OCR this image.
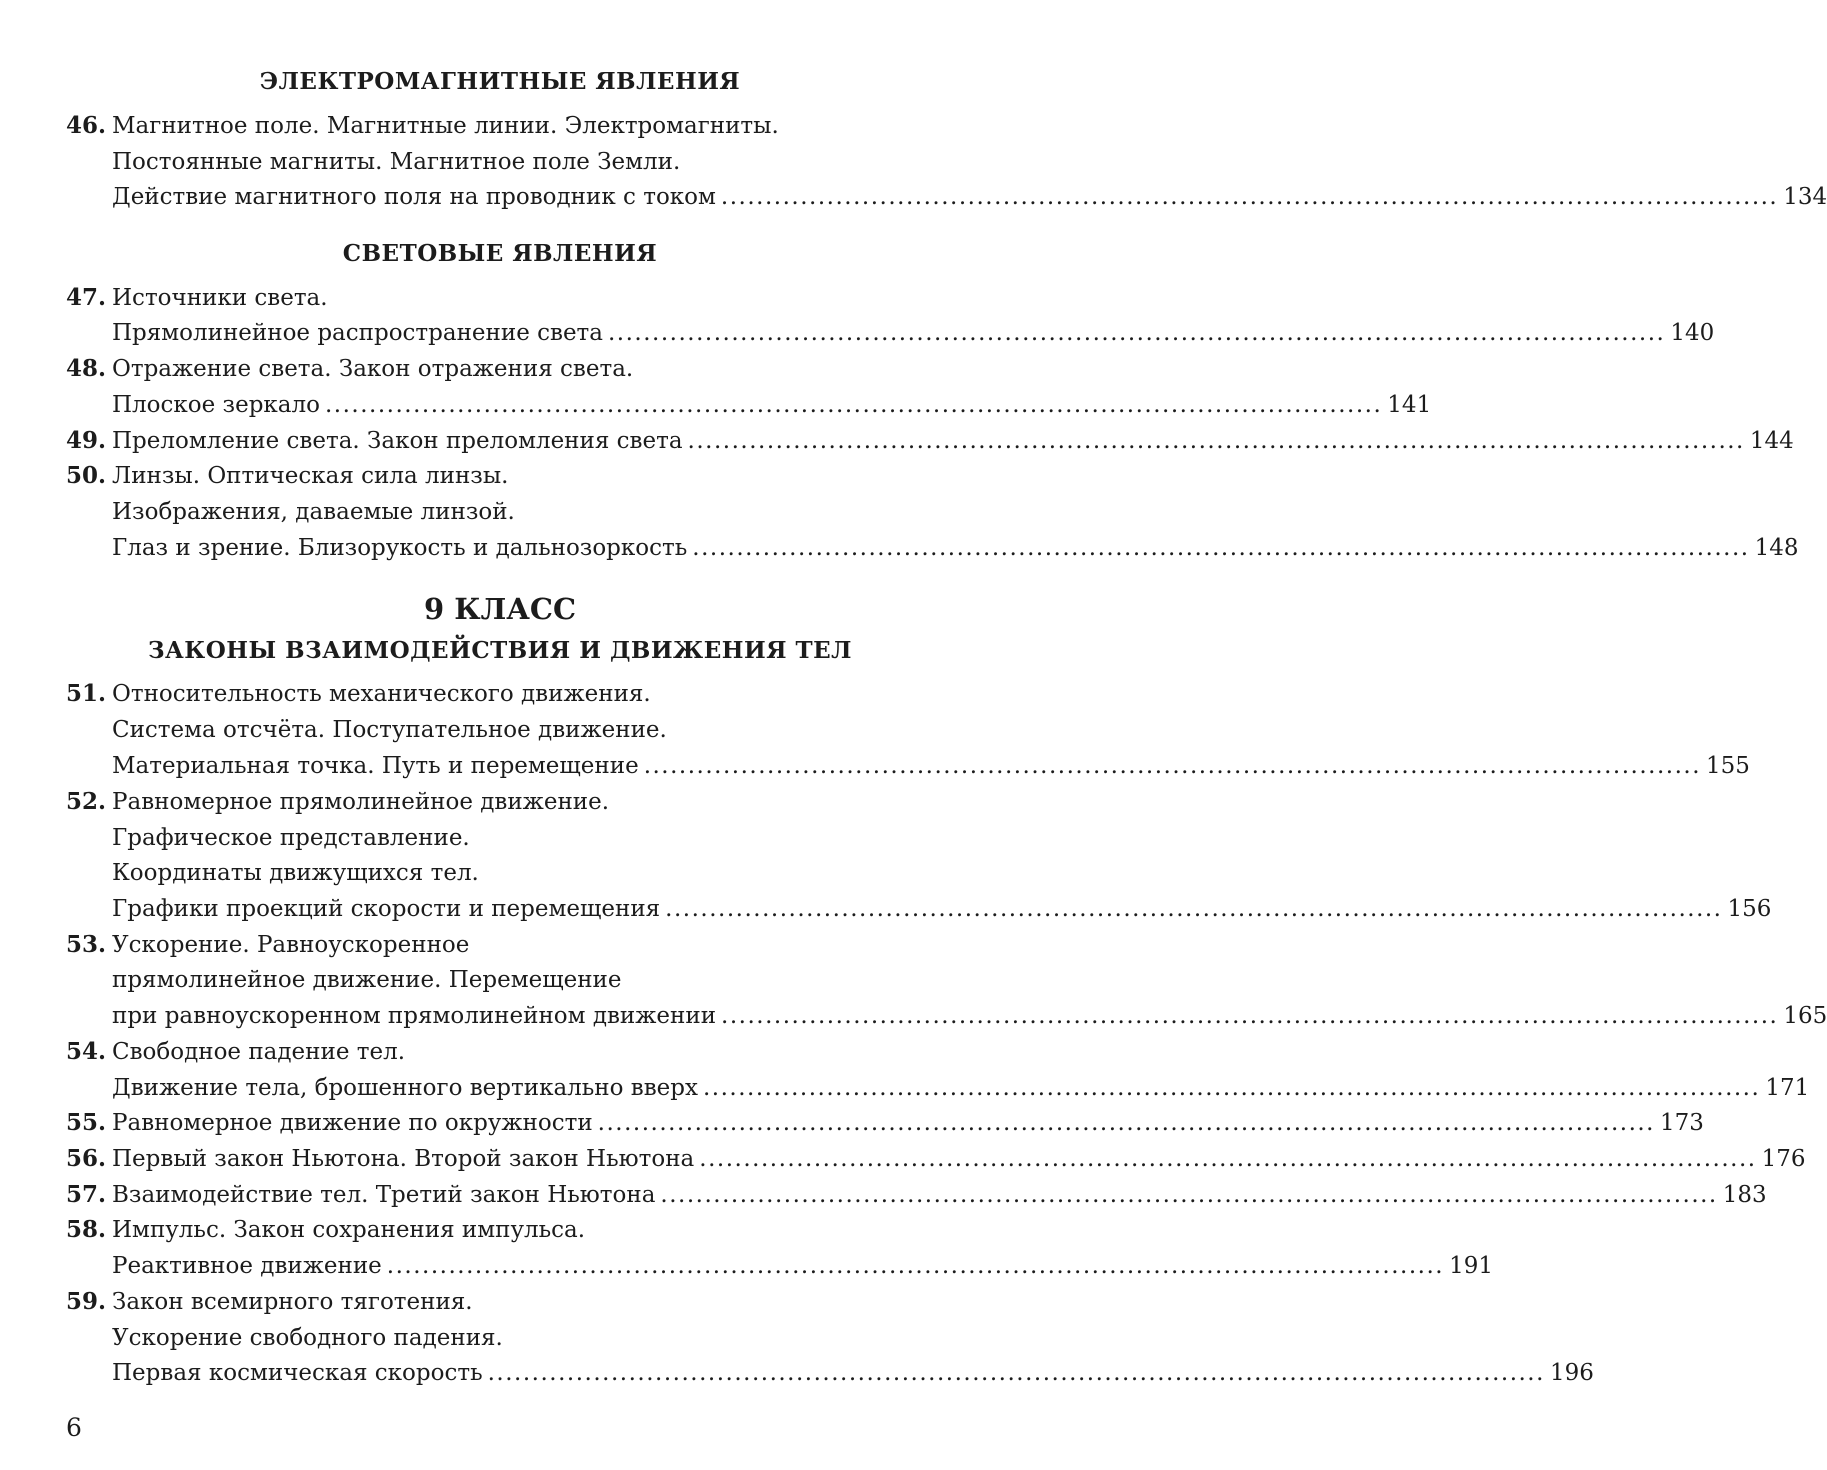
ЭЛЕКТРОМАГНИТНЫЕ ЯВЛЕНИЯ
46. Магнитное поле. Магнитные линии. Электромагниты.
Постоянные магниты. Магнитное поле Земли.
Действие магнитного поля на проводник с током ........................................................................................................................ 134
СВЕТОВЫЕ ЯВЛЕНИЯ
47. Источники света.
Прямолинейное распространение света ........................................................................................................................ 140
48. Отражение света. Закон отражения света.
Плоское зеркало ........................................................................................................................ 141
49. Преломление света. Закон преломления света ........................................................................................................................ 144
50. Линзы. Оптическая сила линзы.
Изображения, даваемые линзой.
Глаз и зрение. Близорукость и дальнозоркость ........................................................................................................................ 148
9 КЛАСС
ЗАКОНЫ ВЗАИМОДЕЙСТВИЯ И ДВИЖЕНИЯ ТЕЛ
51. Относительность механического движения.
Система отсчёта. Поступательное движение.
Материальная точка. Путь и перемещение ........................................................................................................................ 155
52. Равномерное прямолинейное движение.
Графическое представление.
Координаты движущихся тел.
Графики проекций скорости и перемещения ........................................................................................................................ 156
53. Ускорение. Равноускоренное
прямолинейное движение. Перемещение
при равноускоренном прямолинейном движении ........................................................................................................................ 165
54. Свободное падение тел.
Движение тела, брошенного вертикально вверх ........................................................................................................................ 171
55. Равномерное движение по окружности ........................................................................................................................ 173
56. Первый закон Ньютона. Второй закон Ньютона ........................................................................................................................ 176
57. Взаимодействие тел. Третий закон Ньютона ........................................................................................................................ 183
58. Импульс. Закон сохранения импульса.
Реактивное движение ........................................................................................................................ 191
59. Закон всемирного тяготения.
Ускорение свободного падения.
Первая космическая скорость ........................................................................................................................ 196
6
